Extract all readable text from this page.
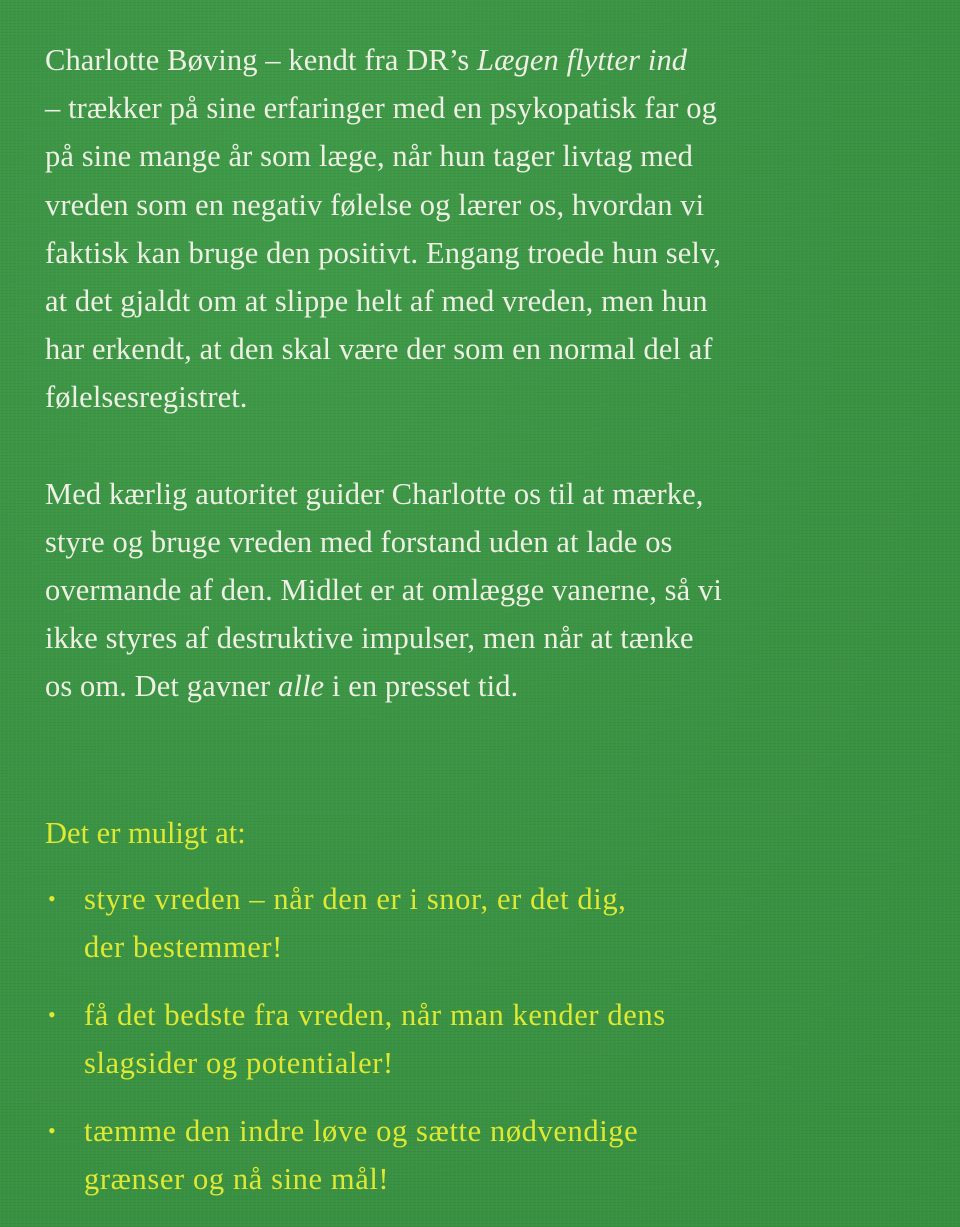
Charlotte Bøving – kendt fra DR’s Lægen flytter ind
– trækker på sine erfaringer med en psykopatisk far og
på sine mange år som læge, når hun tager livtag med
vreden som en negativ følelse og lærer os, hvordan vi
faktisk kan bruge den positivt. Engang troede hun selv,
at det gjaldt om at slippe helt af med vreden, men hun
har erkendt, at den skal være der som en normal del af
følelsesregistret.

Med kærlig autoritet guider Charlotte os til at mærke,
styre og bruge vreden med forstand uden at lade os
overmande af den. Midlet er at omlægge vanerne, så vi
ikke styres af destruktive impulser, men når at tænke
os om. Det gavner alle i en presset tid.

Det er muligt at:

• styre vreden – når den er i snor, er det dig,
der bestemmer!
• få det bedste fra vreden, når man kender dens
slagsider og potentialer!
• tæmme den indre løve og sætte nødvendige
grænser og nå sine mål!
